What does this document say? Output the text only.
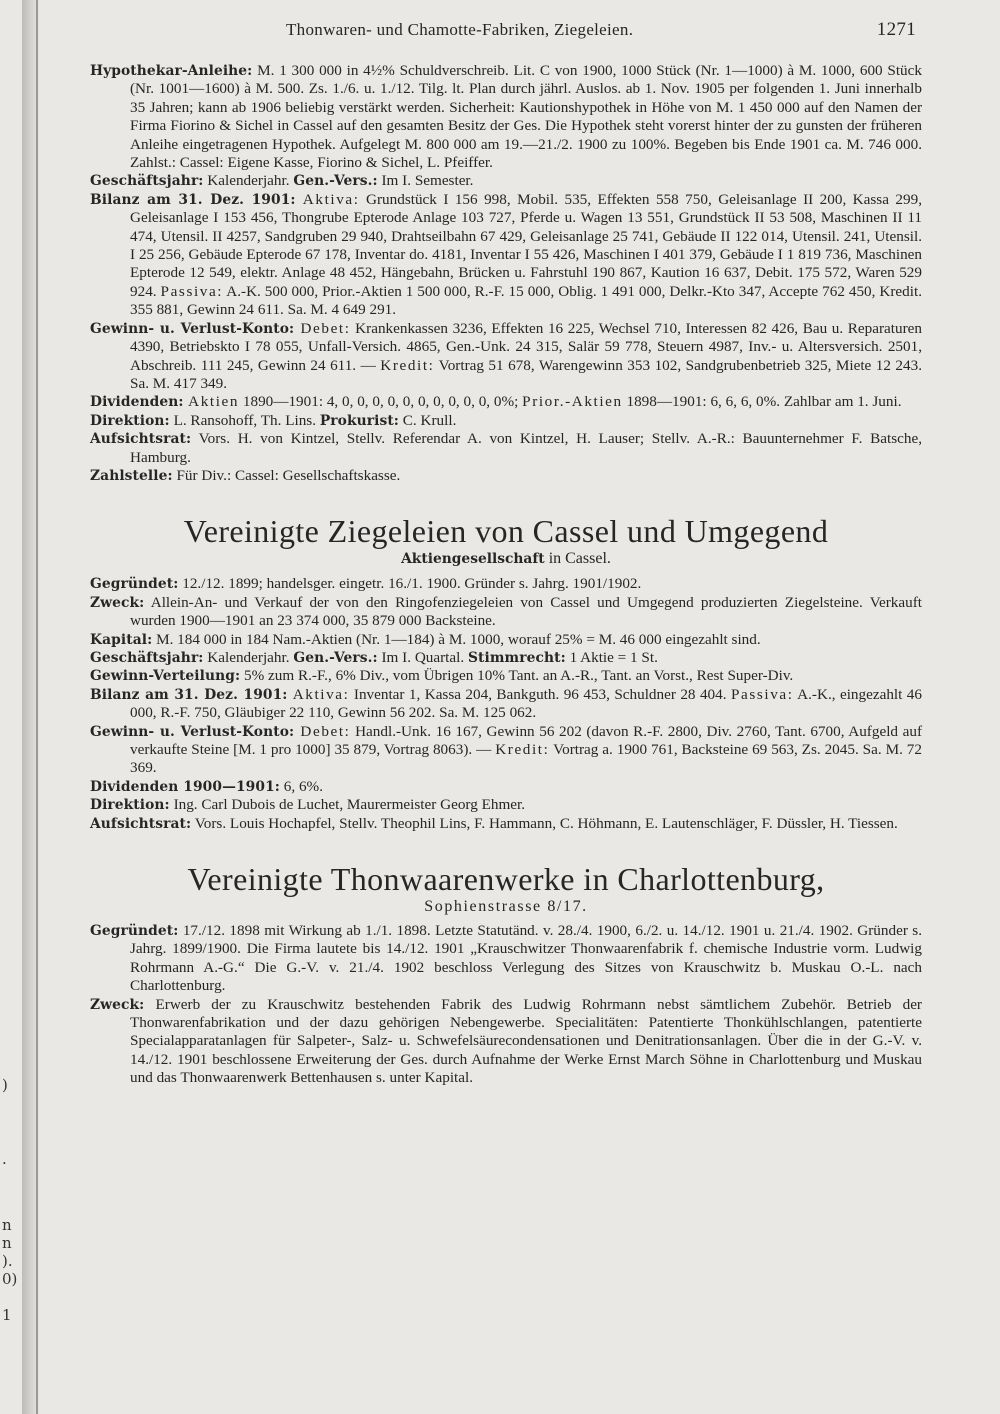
)
.
n
n
).
0)
1
Thonwaren- und Chamotte-Fabriken, Ziegeleien.	1271

Hypothekar-Anleihe: M. 1 300 000 in 4½% Schuldverschreib. Lit. C von 1900, 1000 Stück (Nr. 1—1000) à M. 1000, 600 Stück (Nr. 1001—1600) à M. 500. Zs. 1./6. u. 1./12. Tilg. lt. Plan durch jährl. Auslos. ab 1. Nov. 1905 per folgenden 1. Juni innerhalb 35 Jahren; kann ab 1906 beliebig verstärkt werden. Sicherheit: Kautionshypothek in Höhe von M. 1 450 000 auf den Namen der Firma Fiorino & Sichel in Cassel auf den gesamten Besitz der Ges. Die Hypothek steht vorerst hinter der zu gunsten der früheren Anleihe eingetragenen Hypothek. Aufgelegt M. 800 000 am 19.—21./2. 1900 zu 100%. Begeben bis Ende 1901 ca. M. 746 000. Zahlst.: Cassel: Eigene Kasse, Fiorino & Sichel, L. Pfeiffer.

Geschäftsjahr: Kalenderjahr. Gen.-Vers.: Im I. Semester.

Bilanz am 31. Dez. 1901: Aktiva: Grundstück I 156 998, Mobil. 535, Effekten 558 750, Geleisanlage II 200, Kassa 299, Geleisanlage I 153 456, Thongrube Epterode Anlage 103 727, Pferde u. Wagen 13 551, Grundstück II 53 508, Maschinen II 11 474, Utensil. II 4257, Sandgruben 29 940, Drahtseilbahn 67 429, Geleisanlage 25 741, Gebäude II 122 014, Utensil. 241, Utensil. I 25 256, Gebäude Epterode 67 178, Inventar do. 4181, Inventar I 55 426, Maschinen I 401 379, Gebäude I 1 819 736, Maschinen Epterode 12 549, elektr. Anlage 48 452, Hängebahn, Brücken u. Fahrstuhl 190 867, Kaution 16 637, Debit. 175 572, Waren 529 924. Passiva: A.-K. 500 000, Prior.-Aktien 1 500 000, R.-F. 15 000, Oblig. 1 491 000, Delkr.-Kto 347, Accepte 762 450, Kredit. 355 881, Gewinn 24 611. Sa. M. 4 649 291.

Gewinn- u. Verlust-Konto: Debet: Krankenkassen 3236, Effekten 16 225, Wechsel 710, Interessen 82 426, Bau u. Reparaturen 4390, Betriebskto I 78 055, Unfall-Versich. 4865, Gen.-Unk. 24 315, Salär 59 778, Steuern 4987, Inv.- u. Altersversich. 2501, Abschreib. 111 245, Gewinn 24 611. — Kredit: Vortrag 51 678, Warengewinn 353 102, Sandgrubenbetrieb 325, Miete 12 243. Sa. M. 417 349.

Dividenden: Aktien 1890—1901: 4, 0, 0, 0, 0, 0, 0, 0, 0, 0, 0, 0%; Prior.-Aktien 1898—1901: 6, 6, 6, 0%. Zahlbar am 1. Juni.

Direktion: L. Ransohoff, Th. Lins. Prokurist: C. Krull.

Aufsichtsrat: Vors. H. von Kintzel, Stellv. Referendar A. von Kintzel, H. Lauser; Stellv. A.-R.: Bauunternehmer F. Batsche, Hamburg.

Zahlstelle: Für Div.: Cassel: Gesellschaftskasse.

Vereinigte Ziegeleien von Cassel und Umgegend
Aktiengesellschaft in Cassel.

Gegründet: 12./12. 1899; handelsger. eingetr. 16./1. 1900. Gründer s. Jahrg. 1901/1902.

Zweck: Allein-An- und Verkauf der von den Ringofenziegeleien von Cassel und Umgegend produzierten Ziegelsteine. Verkauft wurden 1900—1901 an 23 374 000, 35 879 000 Backsteine.

Kapital: M. 184 000 in 184 Nam.-Aktien (Nr. 1—184) à M. 1000, worauf 25% = M. 46 000 eingezahlt sind.

Geschäftsjahr: Kalenderjahr. Gen.-Vers.: Im I. Quartal. Stimmrecht: 1 Aktie = 1 St.

Gewinn-Verteilung: 5% zum R.-F., 6% Div., vom Übrigen 10% Tant. an A.-R., Tant. an Vorst., Rest Super-Div.

Bilanz am 31. Dez. 1901: Aktiva: Inventar 1, Kassa 204, Bankguth. 96 453, Schuldner 28 404. Passiva: A.-K., eingezahlt 46 000, R.-F. 750, Gläubiger 22 110, Gewinn 56 202. Sa. M. 125 062.

Gewinn- u. Verlust-Konto: Debet: Handl.-Unk. 16 167, Gewinn 56 202 (davon R.-F. 2800, Div. 2760, Tant. 6700, Aufgeld auf verkaufte Steine [M. 1 pro 1000] 35 879, Vortrag 8063). — Kredit: Vortrag a. 1900 761, Backsteine 69 563, Zs. 2045. Sa. M. 72 369.

Dividenden 1900—1901: 6, 6%.

Direktion: Ing. Carl Dubois de Luchet, Maurermeister Georg Ehmer.

Aufsichtsrat: Vors. Louis Hochapfel, Stellv. Theophil Lins, F. Hammann, C. Höhmann, E. Lautenschläger, F. Düssler, H. Tiessen.

Vereinigte Thonwaarenwerke in Charlottenburg,
Sophienstrasse 8/17.

Gegründet: 17./12. 1898 mit Wirkung ab 1./1. 1898. Letzte Statutänd. v. 28./4. 1900, 6./2. u. 14./12. 1901 u. 21./4. 1902. Gründer s. Jahrg. 1899/1900. Die Firma lautete bis 14./12. 1901 „Krauschwitzer Thonwaarenfabrik f. chemische Industrie vorm. Ludwig Rohrmann A.-G.“ Die G.-V. v. 21./4. 1902 beschloss Verlegung des Sitzes von Krauschwitz b. Muskau O.-L. nach Charlottenburg.

Zweck: Erwerb der zu Krauschwitz bestehenden Fabrik des Ludwig Rohrmann nebst sämtlichem Zubehör. Betrieb der Thonwarenfabrikation und der dazu gehörigen Nebengewerbe. Specialitäten: Patentierte Thonkühlschlangen, patentierte Specialapparatanlagen für Salpeter-, Salz- u. Schwefelsäurecondensationen und Denitrationsanlagen. Über die in der G.-V. v. 14./12. 1901 beschlossene Erweiterung der Ges. durch Aufnahme der Werke Ernst March Söhne in Charlottenburg und Muskau und das Thonwaarenwerk Bettenhausen s. unter Kapital.
